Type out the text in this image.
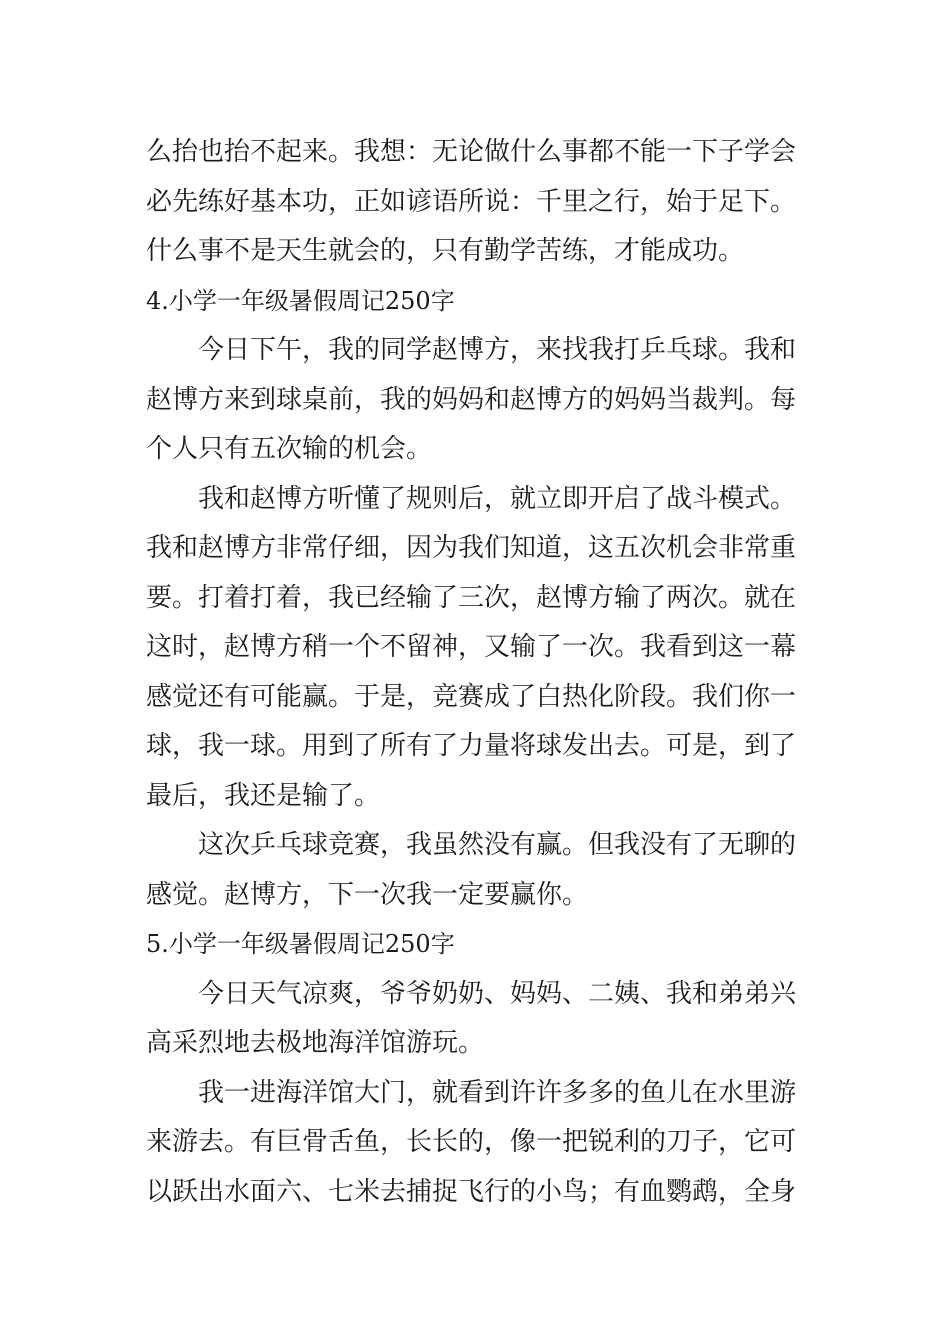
么抬也抬不起来。我想：无论做什么事都不能一下子学会
必先练好基本功，正如谚语所说：千里之行，始于足下。
什么事不是天生就会的，只有勤学苦练，才能成功。
4.小学一年级暑假周记250字
今日下午，我的同学赵博方，来找我打乒乓球。我和
赵博方来到球桌前，我的妈妈和赵博方的妈妈当裁判。每
个人只有五次输的机会。
我和赵博方听懂了规则后，就立即开启了战斗模式。
我和赵博方非常仔细，因为我们知道，这五次机会非常重
要。打着打着，我已经输了三次，赵博方输了两次。就在
这时，赵博方稍一个不留神，又输了一次。我看到这一幕
感觉还有可能赢。于是，竞赛成了白热化阶段。我们你一
球，我一球。用到了所有了力量将球发出去。可是，到了
最后，我还是输了。
这次乒乓球竞赛，我虽然没有赢。但我没有了无聊的
感觉。赵博方，下一次我一定要赢你。
5.小学一年级暑假周记250字
今日天气凉爽，爷爷奶奶、妈妈、二姨、我和弟弟兴
高采烈地去极地海洋馆游玩。
我一进海洋馆大门，就看到许许多多的鱼儿在水里游
来游去。有巨骨舌鱼，长长的，像一把锐利的刀子，它可
以跃出水面六、七米去捕捉飞行的小鸟；有血鹦鹉，全身
